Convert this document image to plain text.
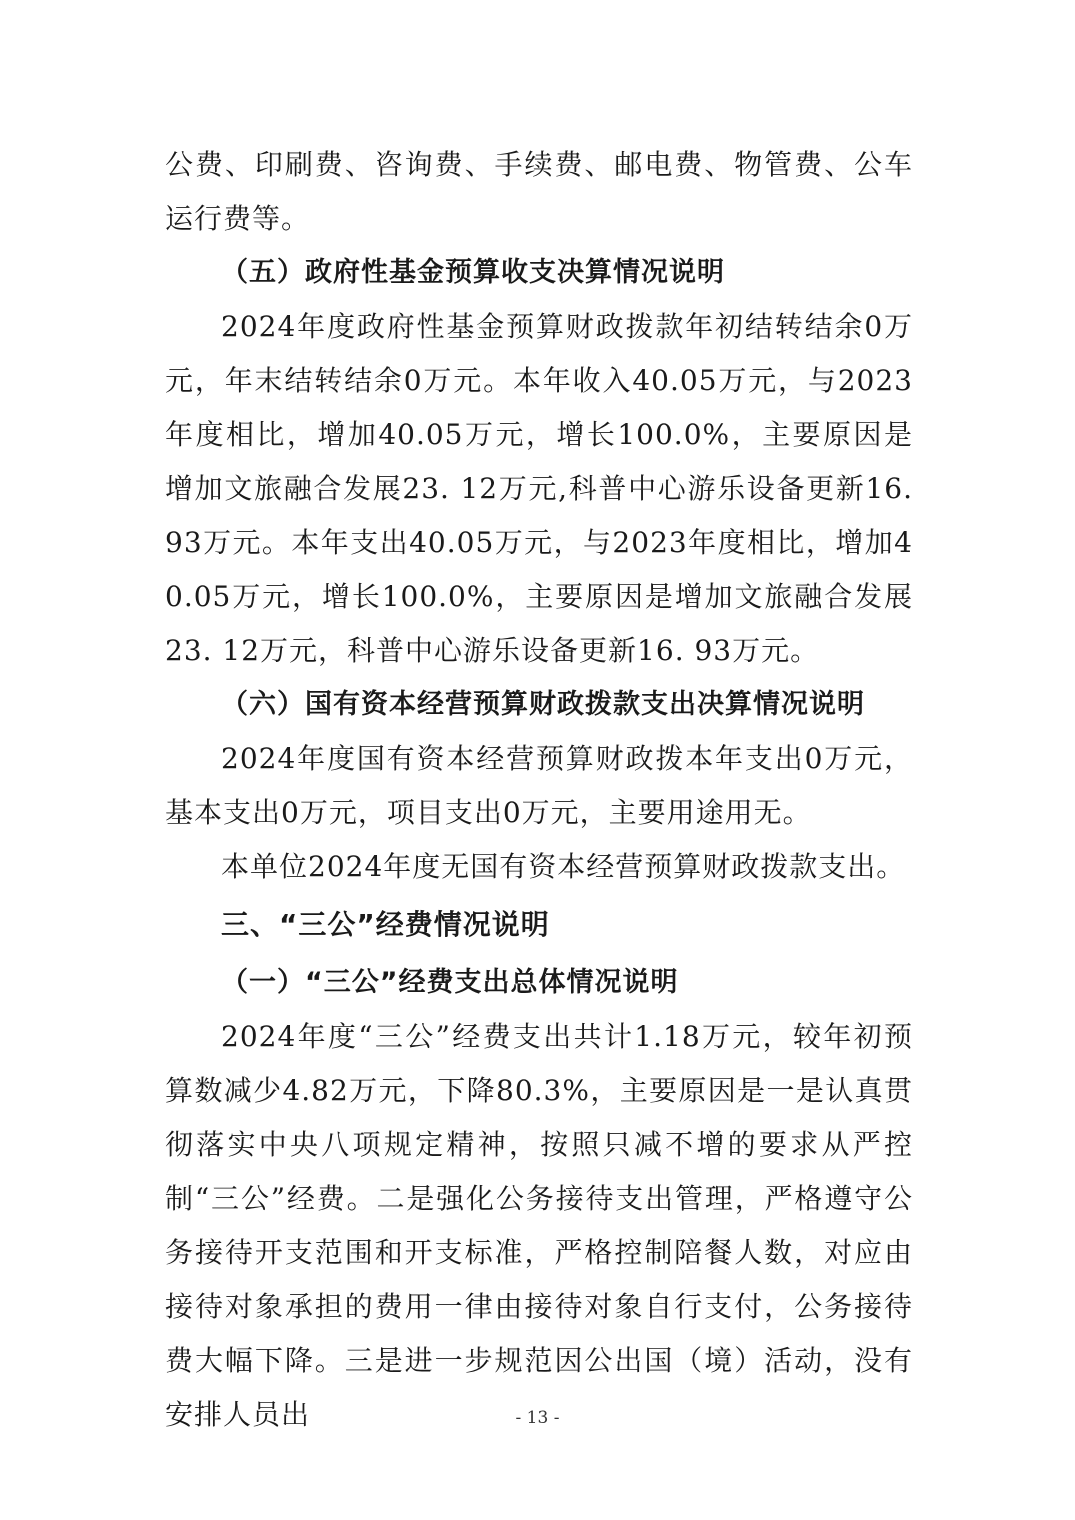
公费、印刷费、咨询费、手续费、邮电费、物管费、公车运行费等。

（五）政府性基金预算收支决算情况说明

2024年度政府性基金预算财政拨款年初结转结余0万元，年末结转结余0万元。本年收入40.05万元，与2023年度相比，增加40.05万元，增长100.0%，主要原因是增加文旅融合发展23. 12万元,科普中心游乐设备更新16. 93万元。本年支出40.05万元，与2023年度相比，增加40.05万元，增长100.0%，主要原因是增加文旅融合发展23. 12万元，科普中心游乐设备更新16. 93万元。

（六）国有资本经营预算财政拨款支出决算情况说明

2024年度国有资本经营预算财政拨本年支出0万元，基本支出0万元，项目支出0万元，主要用途用无。

本单位2024年度无国有资本经营预算财政拨款支出。

三、“三公”经费情况说明
（一）“三公”经费支出总体情况说明

2024年度“三公”经费支出共计1.18万元，较年初预算数减少4.82万元，下降80.3%，主要原因是一是认真贯彻落实中央八项规定精神，按照只减不增的要求从严控制“三公”经费。二是强化公务接待支出管理，严格遵守公务接待开支范围和开支标准，严格控制陪餐人数，对应由接待对象承担的费用一律由接待对象自行支付，公务接待费大幅下降。三是进一步规范因公出国（境）活动，没有安排人员出	- 13 -
